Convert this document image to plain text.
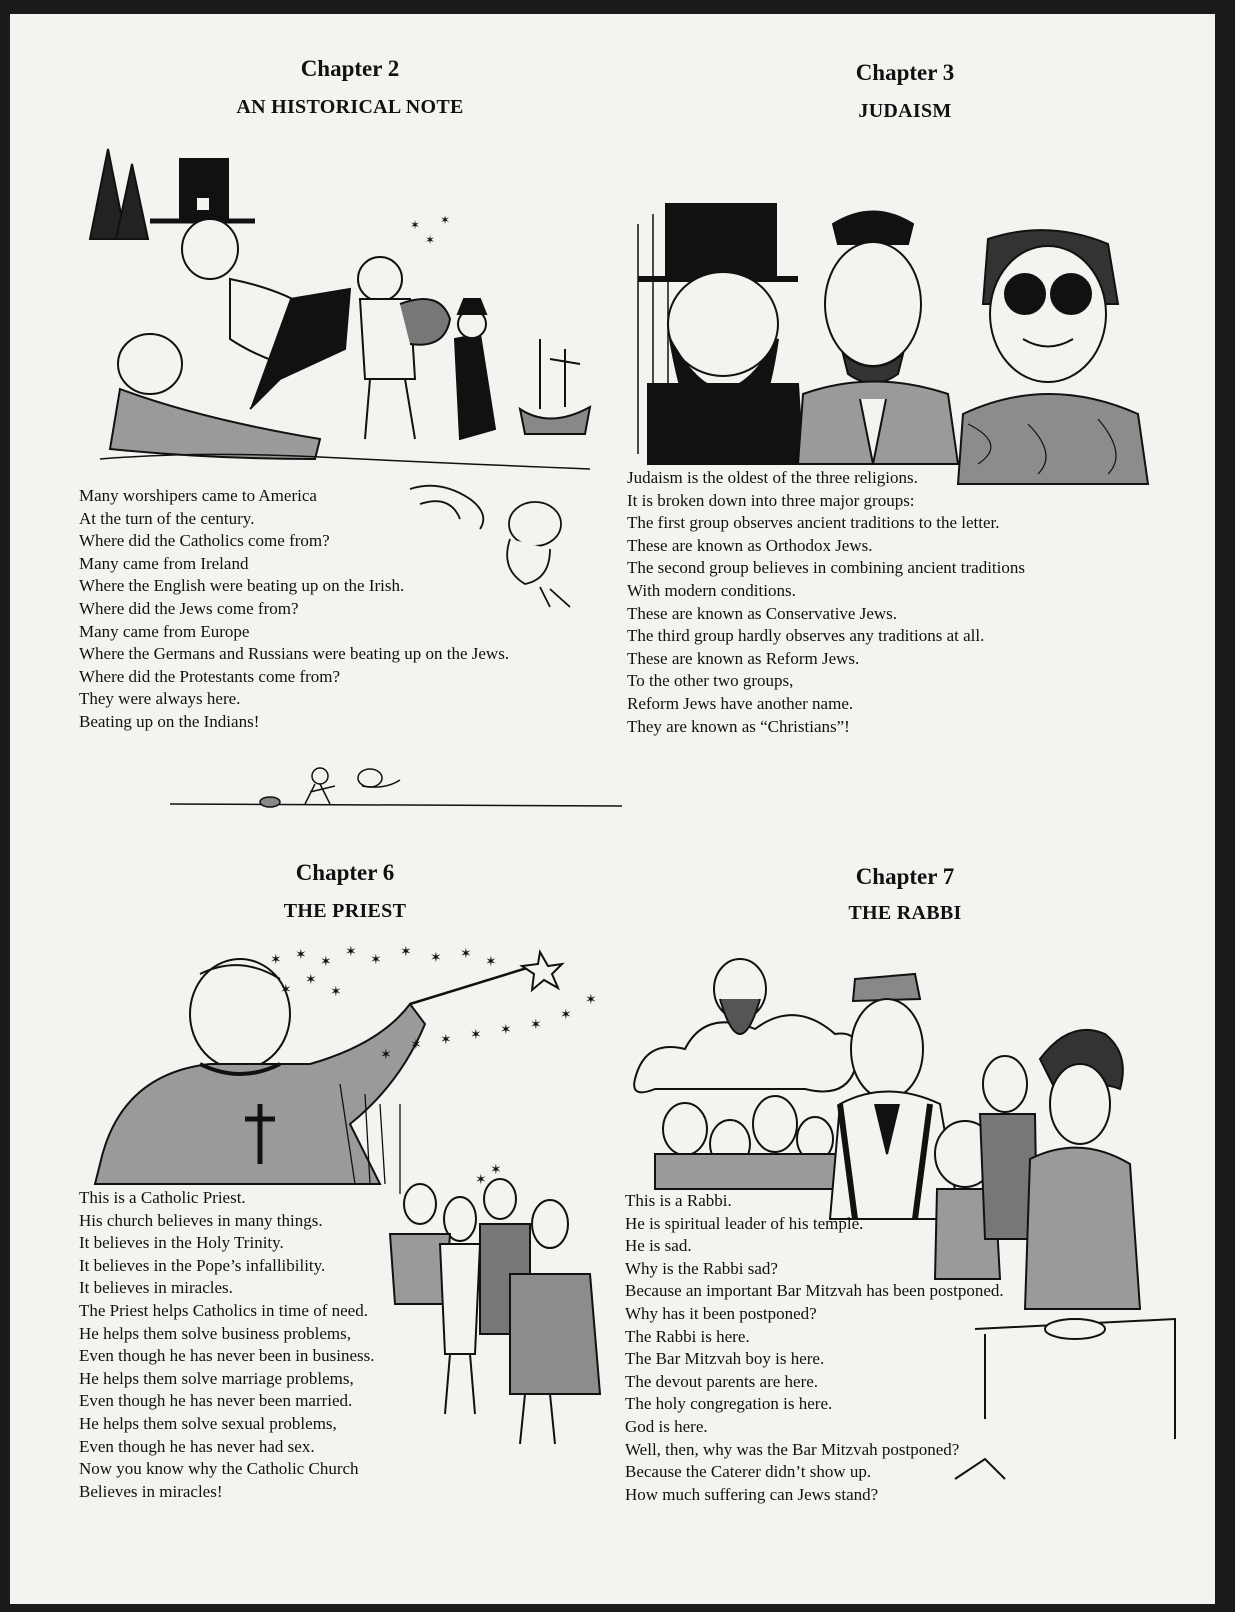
Chapter 2
AN HISTORICAL NOTE
✶
✶
✶
Many worshipers came to America
At the turn of the century.
Where did the Catholics come from?
Many came from Ireland
Where the English were beating up on the Irish.
Where did the Jews come from?
Many came from Europe
Where the Germans and Russians were beating up on the Jews.
Where did the Protestants come from?
They were always here.
Beating up on the Indians!
Chapter 3
JUDAISM
Judaism is the oldest of the three religions.
It is broken down into three major groups:
The first group observes ancient traditions to the letter.
These are known as Orthodox Jews.
The second group believes in combining ancient traditions
With modern conditions.
These are known as Conservative Jews.
The third group hardly observes any traditions at all.
These are known as Reform Jews.
To the other two groups,
Reform Jews have another name.
They are known as “Christians”!
Chapter 6
THE PRIEST
✶ ✶ ✶
✶ ✶ ✶ ✶ ✶ ✶
✶
✶
✶
✶
✶ ✶ ✶ ✶ ✶
✶
✶
✶
✶
This is a Catholic Priest.
His church believes in many things.
It believes in the Holy Trinity.
It believes in the Pope’s infallibility.
It believes in miracles.
The Priest helps Catholics in time of need.
He helps them solve business problems,
Even though he has never been in business.
He helps them solve marriage problems,
Even though he has never been married.
He helps them solve sexual problems,
Even though he has never had sex.
Now you know why the Catholic Church
Believes in miracles!
Chapter 7
THE RABBI
This is a Rabbi.
He is spiritual leader of his temple.
He is sad.
Why is the Rabbi sad?
Because an important Bar Mitzvah has been postponed.
Why has it been postponed?
The Rabbi is here.
The Bar Mitzvah boy is here.
The devout parents are here.
The holy congregation is here.
God is here.
Well, then, why was the Bar Mitzvah postponed?
Because the Caterer didn’t show up.
How much suffering can Jews stand?
